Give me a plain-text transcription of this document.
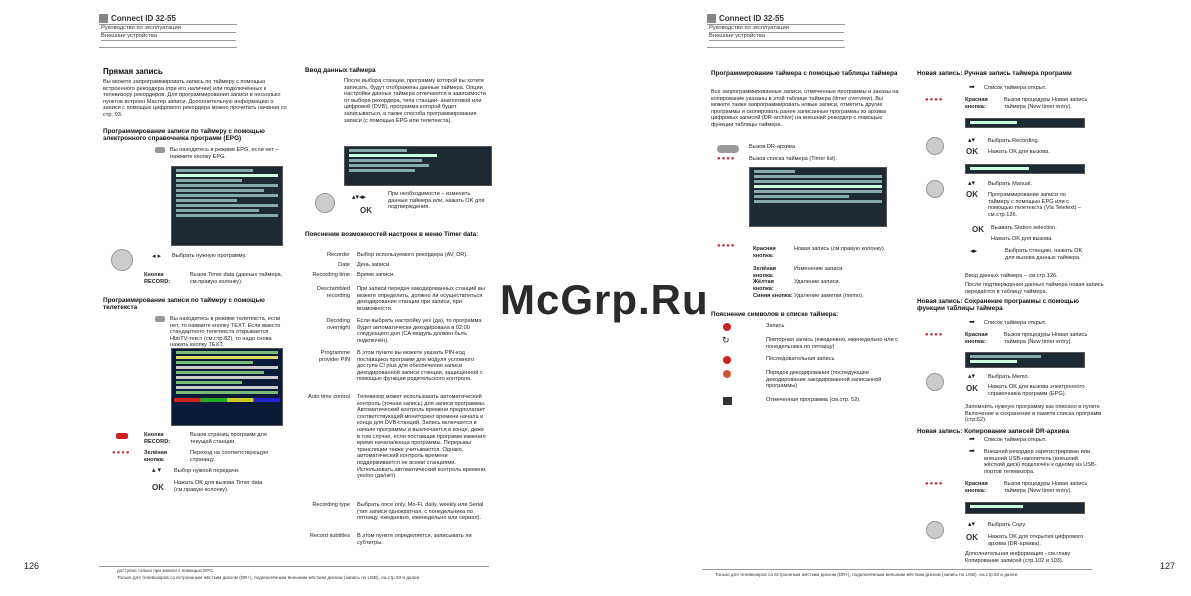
Connect ID 32-55
Руководство по эксплуатации
Внешние устройства
Прямая запись
Вы можете запрограммировать запись по таймеру с помощью встроенного рекордера (при его наличии) или подключённых к телевизору рекордеров. Для программирования записи в несколько пунктов встроен Мастер записи. Дополнительную информацию о записи с помощью цифрового рекордера можно прочитать начиная со стр. 93.
Программирование записи по таймеру с помощью электронного справочника программ (EPG)
Вы находитесь в режиме EPG, если нет – нажмите кнопку EPG.
◂ ▸ Выбрать нужную программу.
Кнопка RECORD:
Вызов Timer data (данных таймера, см.правую колонку).
Программирование записи по таймеру с помощью телетекста
Вы находитесь в режиме телетекста, если нет, то нажмите кнопку TEXT. Если вместо стандартного телетекста открывается HbbTV-текст (см.стр.82), то надо снова нажать кнопку TEXT.
Кнопка RECORD:
Вызов страниц программ для текущей станции.
●●●● Зелёная кнопка:
Переход на соответствующую страницу.
▴ ▾ Выбор нужной передачи.
OK Нажать OK для вызова Timer data (см.правую колонку).
Ввод данных таймера
После выбора станции, программу которой вы хотите записать, будут отображены данные таймера. Опции настройки данных таймера отличаются в зависимости от выбора рекордера, типа станции- аналоговой или цифровой (DVB), программа которой будет записываться, а также способа программирования записи (с помощью EPG или телетекста).
▴▾◂▸
OK
При необходимости – изменить данные таймера или, нажать OK для подтверждения.
Пояснение возможностей настроек в меню Timer data:
Recorder Выбор используемого рекордера (AV, DR).
Date День записи.
Recording time Время записи.
Descrambled recording
При записи передач закодированных станций вы можете определить, должно ли осуществляться декодирование станции при записи, при возможности.
Decoding overnight
Если выбрать настройку yes (да), то программа будет автоматически декодирована в 02:00 следующего дня (CA-модуль должен быть подключён).
Programme provider PIN
В этом пункте вы можете указать PIN-код поставщика программ для модуля условного доступа CI plus для обеспечения записи декодированной записи станции, защищённой с помощью функции родительского контроля.
Auto time control Телевизор может использовать автоматический контроль (точная запись) для записи программы. Автоматический контроль времени предполагает соответствующий мониторинг времени начала и конца для DVB-станций. Запись включается в начале программы и выключается в конце, даже в том случае, если поставщик программ изменил время начала/конца программы. Перерывы трансляции также учитываются. Однако, автоматический контроль времени поддерживается не всеми станциями. Использовать автоматический контроль времени, yes/no (да/нет).
Recording type Выбрать once only, Mo-Fi, daily, weekly или Serial (тип записи однократная, с понедельника по пятницу, ежедневно, еженедельно или сериал).
Record subtitles В этом пункте определяется, записывать ли субтитры.
126	доступно только при записи с помощью EPG.
Только для телевизоров со встроенным жёстким диском (DR+), подключённым внешним жёстким диском (запись по USB), см.стр.93 и далее.
Connect ID 32-55
Руководство по эксплуатации
Внешние устройства
Программирование таймера с помощью таблицы таймера
Все запрограммированные записи, отмеченные программы и заказы на копирование указаны в этой таблице таймера (timer overview). Вы можете также запрограммировать новые записи, отметить другие программы и скопировать ранее записанные программы из архива цифровых записей (DR-archive) на внешний рекордер с помощью функции таблицы таймера.
Вызов DR-архива
●●●● Вызов списка таймера (Timer list).
●●●●	Красная кнопка:
Новая запись (см.правую колонку).
Зелёная кнопка:
Изменение записи.
Жёлтая кнопка:
Удаление записи.
Синяя кнопка: Удаление заметки (memo).
Пояснение символов в списке таймера:
Запись
↻	Повторная запись (ежедневно, еженедельно или с понедельника по пятницу)
Последовательная запись
Порядок декодирования (последующее декодирование закодированной записанной программы)
Отмеченная программа (см.стр. 52).
Новая запись: Ручная запись таймера программ
➡ Список таймера открыт.
●●●●	Красная кнопка:
Вызов процедуры Новая запись таймера (New timer entry).
▴▾ Выбрать Recording.
OK Нажать OK для вызова.
▴▾ Выбрать Manual.
OK Программирование записи по таймеру с помощью EPG или с помощью телетекста (Via Teletext) – см.стр.126.
OK Вызвать Station selection.
Нажать OK для вызова.
◂▸	Выбрать станцию, нажать OK для вызова данных таймера.
Ввод данных таймера – см.стр.126.
После подтверждения данных таймера новая запись передаётся в таблицу таймера.
Новая запись: Сохранение программы с помощью функции таблицы таймера
➡ Список таймера открыт.
●●●●	Красная кнопка:
Вызов процедуры Новая запись таймера (New timer entry).
▴▾ Выбрать Memo.
OK Нажать OK для вызова электронного справочника программ (EPG).
Запомнить нужную программу как описано в пункте Включение и сохранение в памяти списка программ (стр.52).
Новая запись: Копирование записей DR-архива
➡ Список таймера открыт.
➡ Внешний рекордер зарегистрирован или внешний USB-накопитель (внешний жёсткий диск) подключён к одному из USB-портов телевизора.
●●●●	Красная кнопка:
Вызов процедуры Новая запись таймера (New timer entry).
▴▾ Выбрать Copy.
OK Нажать OK для открытия цифрового архива (DR-архива).
Дополнительная информация - см.главу Копирование записей (стр.102 и 103).
127
Только для телевизоров со встроенным жёстким диском (DR+), подключённым внешним жёстким диском (запись по USB), см.стр.93 и далее.
McGrp.Ru
